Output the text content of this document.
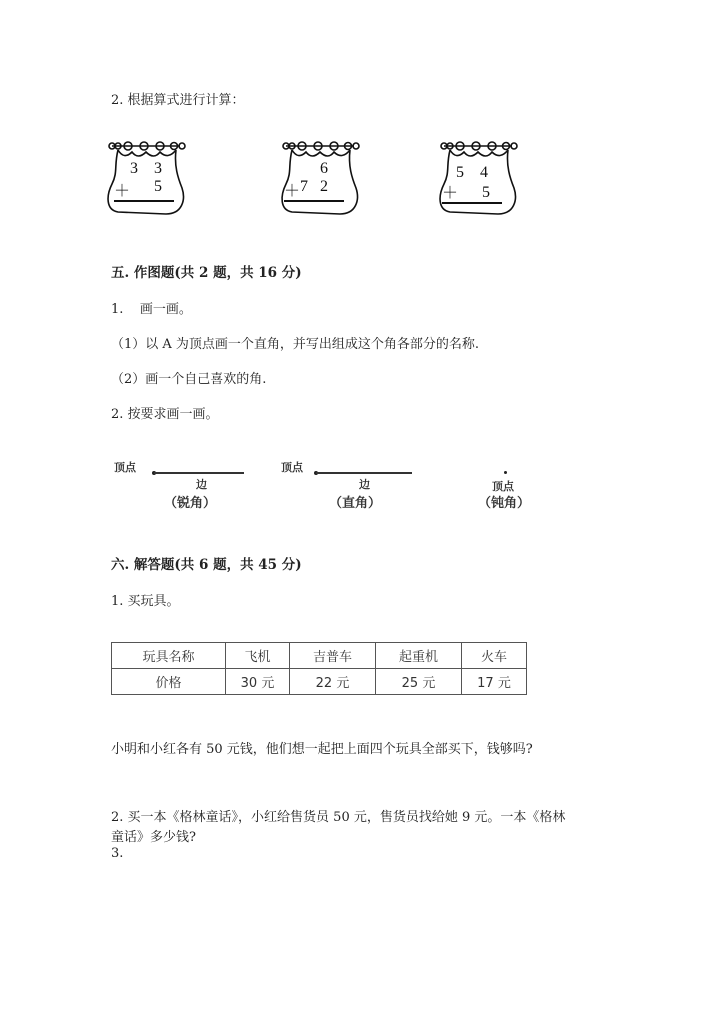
2. 根据算式进行计算：
3 3
＋ 5
6
＋ 7 2
5 4
＋ 5
五. 作图题(共 2 题，共 16 分)
1.    画一画。
（1）以 A 为顶点画一个直角，并写出组成这个角各部分的名称.
（2）画一个自己喜欢的角.
2. 按要求画一画。
顶点
边
（锐角）
顶点
边
（直角）
顶点
（钝角）
六. 解答题(共 6 题，共 45 分)
1. 买玩具。
玩具名称	飞机	吉普车	起重机	火车
价格	30 元	22 元	25 元	17 元
小明和小红各有 50 元钱，他们想一起把上面四个玩具全部买下，钱够吗?
2. 买一本《格林童话》，小红给售货员 50 元，售货员找给她 9 元。一本《格林
童话》多少钱?
3.
